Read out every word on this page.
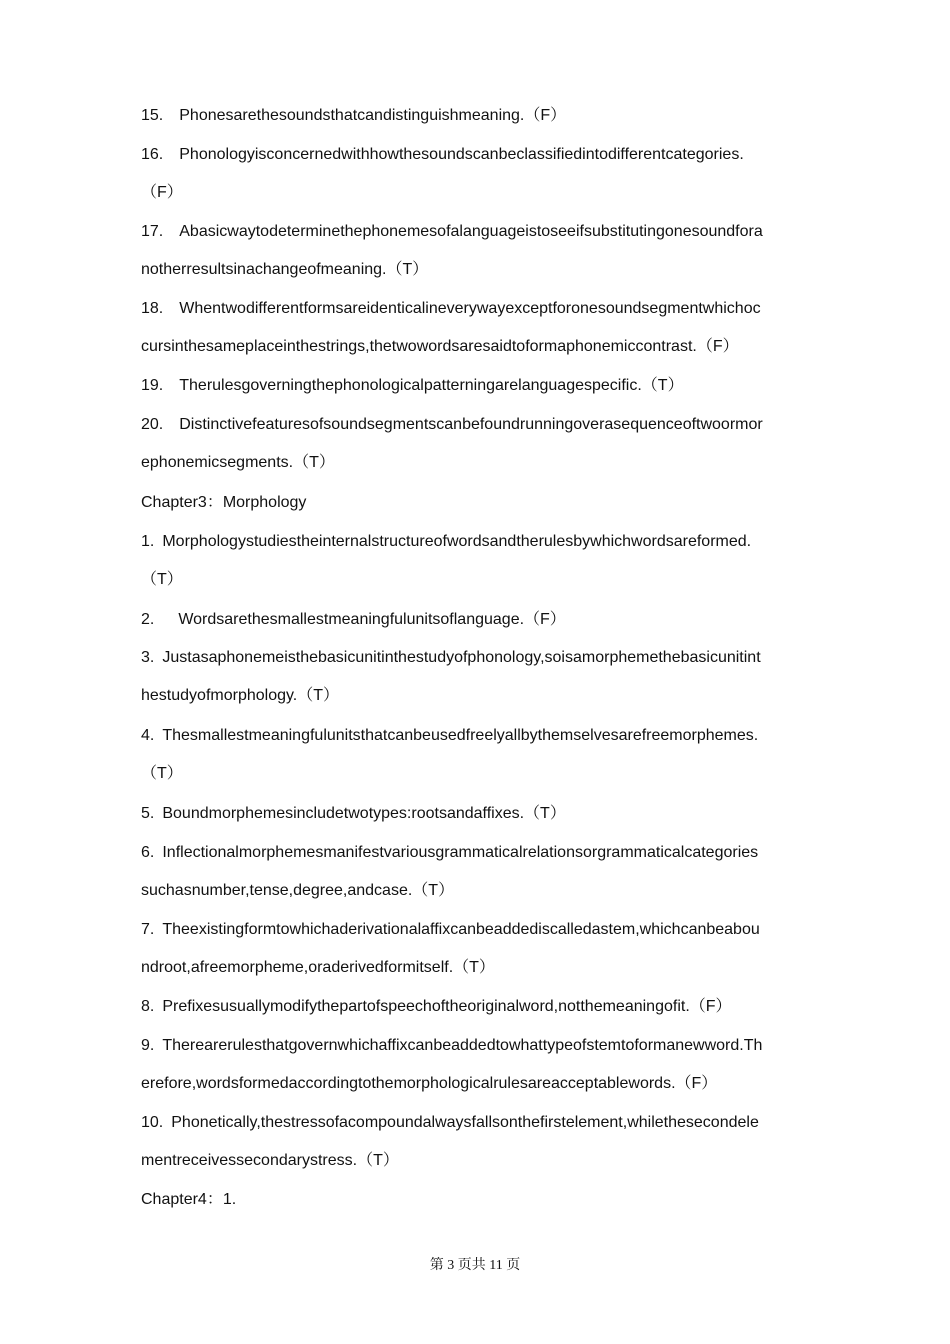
15. Phonesarethesoundsthatcandistinguishmeaning.（F）
16. Phonologyisconcernedwithhowthesoundscanbeclassifiedintodifferentcategories.
（F）
17. Abasicwaytodeterminethephonemesofalanguageistoseeifsubstitutingonesoundfora
notherresultsinachangeofmeaning.（T）
18. Whentwodifferentformsareidenticalineverywayexceptforonesoundsegmentwhichoc
cursinthesameplaceinthestrings,thetwowordsaresaidtoformaphonemiccontrast.（F）
19. Therulesgoverningthephonologicalpatterningarelanguagespecific.（T）
20. Distinctivefeaturesofsoundsegmentscanbefoundrunningoverasequenceoftwoormor
ephonemicsegments.（T）
Chapter3：Morphology
1. Morphologystudiestheinternalstructureofwordsandtherulesbywhichwordsareformed.
（T）
2.  Wordsarethesmallestmeaningfulunitsoflanguage.（F）
3. Justasaphonemeisthebasicunitinthestudyofphonology,soisamorphemethebasicunitint
hestudyofmorphology.（T）
4. Thesmallestmeaningfulunitsthatcanbeusedfreelyallbythemselvesarefreemorphemes.
（T）
5. Boundmorphemesincludetwotypes:rootsandaffixes.（T）
6. Inflectionalmorphemesmanifestvariousgrammaticalrelationsorgrammaticalcategories
suchasnumber,tense,degree,andcase.（T）
7. Theexistingformtowhichaderivationalaffixcanbeaddediscalledastem,whichcanbeabou
ndroot,afreemorpheme,oraderivedformitself.（T）
8. Prefixesusuallymodifythepartofspeechoftheoriginalword,notthemeaningofit.（F）
9. Therearerulesthatgovernwhichaffixcanbeaddedtowhattypeofstemtoformanewword.Th
erefore,wordsformedaccordingtothemorphologicalrulesareacceptablewords.（F）
10. Phonetically,thestressofacompoundalwaysfallsonthefirstelement,whilethesecondele
mentreceivessecondarystress.（T）
Chapter4：1.
第 3 页共 11 页
